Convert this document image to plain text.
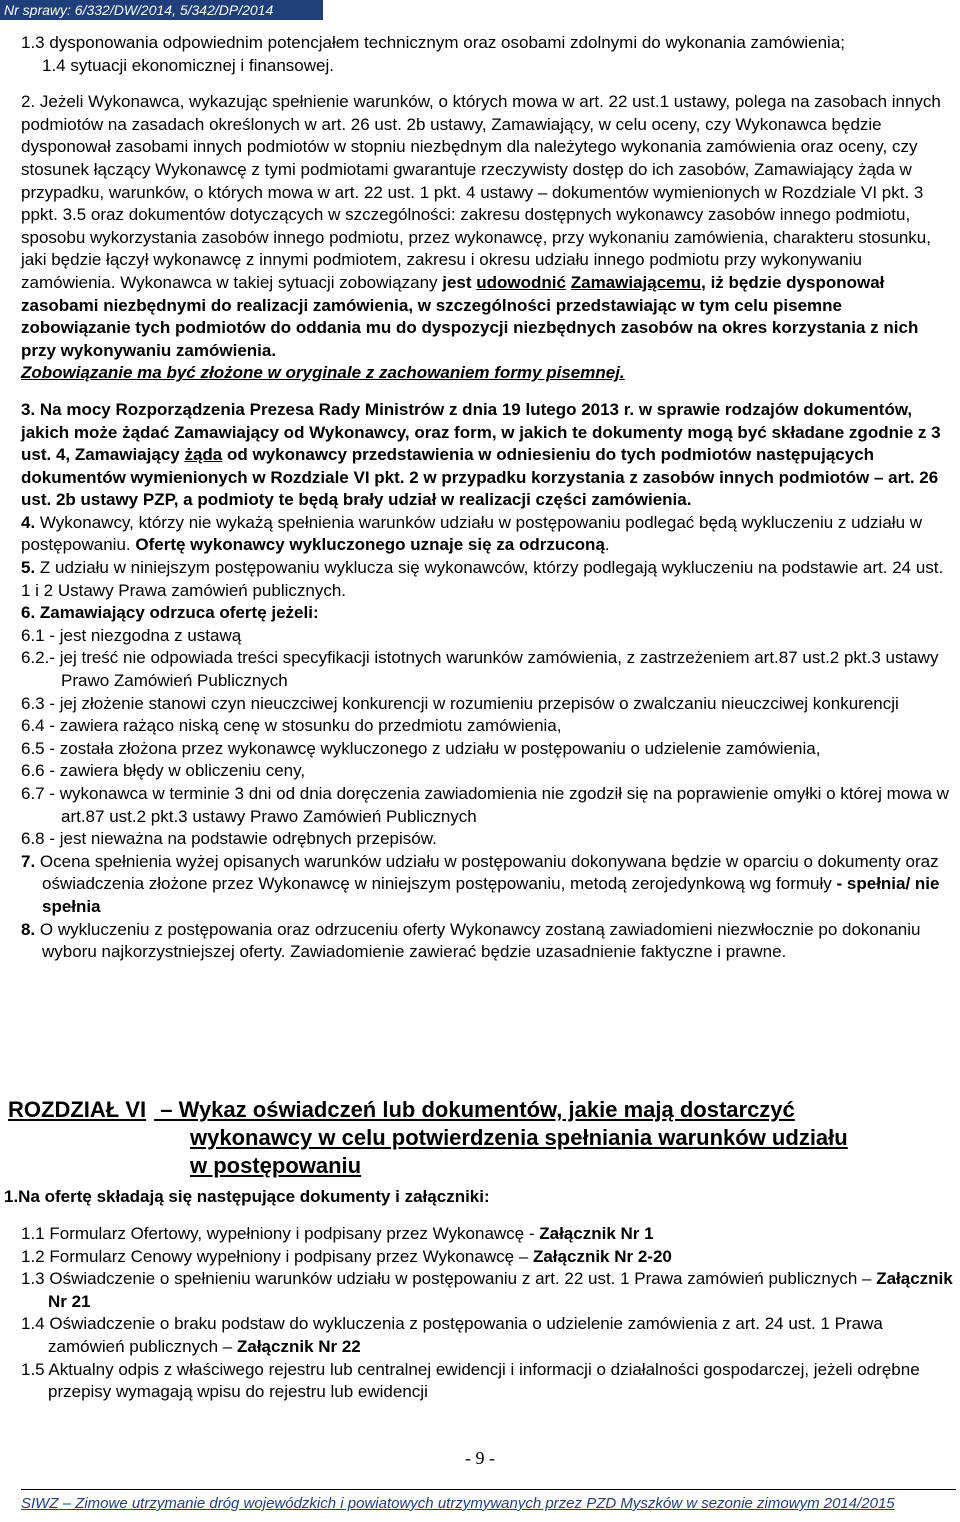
Nr sprawy: 6/332/DW/2014, 5/342/DP/2014

1.3 dysponowania odpowiednim potencjałem technicznym oraz osobami zdolnymi do wykonania zamówienia;

1.4 sytuacji ekonomicznej i finansowej.

2. Jeżeli Wykonawca, wykazując spełnienie warunków, o których mowa w art. 22 ust.1 ustawy, polega na zasobach innych podmiotów na zasadach określonych w art. 26 ust. 2b ustawy, Zamawiający, w celu oceny, czy Wykonawca będzie dysponował zasobami innych podmiotów w stopniu niezbędnym dla należytego wykonania zamówienia oraz oceny, czy stosunek łączący Wykonawcę z tymi podmiotami gwarantuje rzeczywisty dostęp do ich zasobów, Zamawiający żąda w przypadku, warunków, o których mowa w art. 22 ust. 1 pkt. 4 ustawy – dokumentów wymienionych w Rozdziale VI pkt. 3 ppkt. 3.5 oraz dokumentów dotyczących w szczególności: zakresu dostępnych wykonawcy zasobów innego podmiotu, sposobu wykorzystania zasobów innego podmiotu, przez wykonawcę, przy wykonaniu zamówienia, charakteru stosunku, jaki będzie łączył wykonawcę z innymi podmiotem, zakresu i okresu udziału innego podmiotu przy wykonywaniu zamówienia. Wykonawca w takiej sytuacji zobowiązany jest udowodnić Zamawiającemu, iż będzie dysponował zasobami niezbędnymi do realizacji zamówienia, w szczególności przedstawiając w tym celu pisemne zobowiązanie tych podmiotów do oddania mu do dyspozycji niezbędnych zasobów na okres korzystania z nich przy wykonywaniu zamówienia.

Zobowiązanie ma być złożone w oryginale z zachowaniem formy pisemnej.

3. Na mocy Rozporządzenia Prezesa Rady Ministrów z dnia 19 lutego 2013 r. w sprawie rodzajów dokumentów, jakich może żądać Zamawiający od Wykonawcy, oraz form, w jakich te dokumenty mogą być składane zgodnie z 3 ust. 4, Zamawiający żąda od wykonawcy przedstawienia w odniesieniu do tych podmiotów następujących dokumentów wymienionych w Rozdziale VI pkt. 2 w przypadku korzystania z zasobów innych podmiotów – art. 26 ust. 2b ustawy PZP, a podmioty te będą brały udział w realizacji części zamówienia.

4. Wykonawcy, którzy nie wykażą spełnienia warunków udziału w postępowaniu podlegać będą wykluczeniu z udziału w postępowaniu. Ofertę wykonawcy wykluczonego uznaje się za odrzuconą.

5. Z udziału w niniejszym postępowaniu wyklucza się wykonawców, którzy podlegają wykluczeniu na podstawie art. 24 ust. 1 i 2 Ustawy Prawa zamówień publicznych.

6. Zamawiający odrzuca ofertę jeżeli:

6.1 - jest niezgodna z ustawą

6.2.- jej treść nie odpowiada treści specyfikacji istotnych warunków zamówienia, z zastrzeżeniem art.87 ust.2 pkt.3 ustawy Prawo Zamówień Publicznych

6.3 - jej złożenie stanowi czyn nieuczciwej konkurencji w rozumieniu przepisów o zwalczaniu nieuczciwej konkurencji

6.4 - zawiera rażąco niską cenę w stosunku do przedmiotu zamówienia,

6.5 - została złożona przez wykonawcę wykluczonego z udziału w postępowaniu o udzielenie zamówienia,

6.6 - zawiera błędy w obliczeniu ceny,

6.7 - wykonawca w terminie 3 dni od dnia doręczenia zawiadomienia nie zgodził się na poprawienie omyłki o której mowa w art.87 ust.2 pkt.3 ustawy Prawo Zamówień Publicznych

6.8 - jest nieważna na podstawie odrębnych przepisów.

7. Ocena spełnienia wyżej opisanych warunków udziału w postępowaniu dokonywana będzie w oparciu o dokumenty oraz oświadczenia złożone przez Wykonawcę w niniejszym postępowaniu, metodą zerojedynkową wg formuły - spełnia/ nie spełnia

8. O wykluczeniu z postępowania oraz odrzuceniu oferty Wykonawcy zostaną zawiadomieni niezwłocznie po dokonaniu wyboru najkorzystniejszej oferty. Zawiadomienie zawierać będzie uzasadnienie faktyczne i prawne.

ROZDZIAŁ VI – Wykaz oświadczeń lub dokumentów, jakie mają dostarczyć
wykonawcy w celu potwierdzenia spełniania warunków udziału
w postępowaniu
1.Na ofertę składają się następujące dokumenty i załączniki:

1.1 Formularz Ofertowy, wypełniony i podpisany przez Wykonawcę - Załącznik Nr 1

1.2 Formularz Cenowy wypełniony i podpisany przez Wykonawcę – Załącznik Nr 2-20

1.3 Oświadczenie o spełnieniu warunków udziału w postępowaniu z art. 22 ust. 1 Prawa zamówień publicznych – Załącznik Nr 21

1.4 Oświadczenie o braku podstaw do wykluczenia z postępowania o udzielenie zamówienia z art. 24 ust. 1 Prawa zamówień publicznych – Załącznik Nr 22

1.5 Aktualny odpis z właściwego rejestru lub centralnej ewidencji i informacji o działalności gospodarczej, jeżeli odrębne przepisy wymagają wpisu do rejestru lub ewidencji

- 9 -
SIWZ – Zimowe utrzymanie dróg wojewódzkich i powiatowych utrzymywanych przez PZD Myszków w sezonie zimowym 2014/2015
